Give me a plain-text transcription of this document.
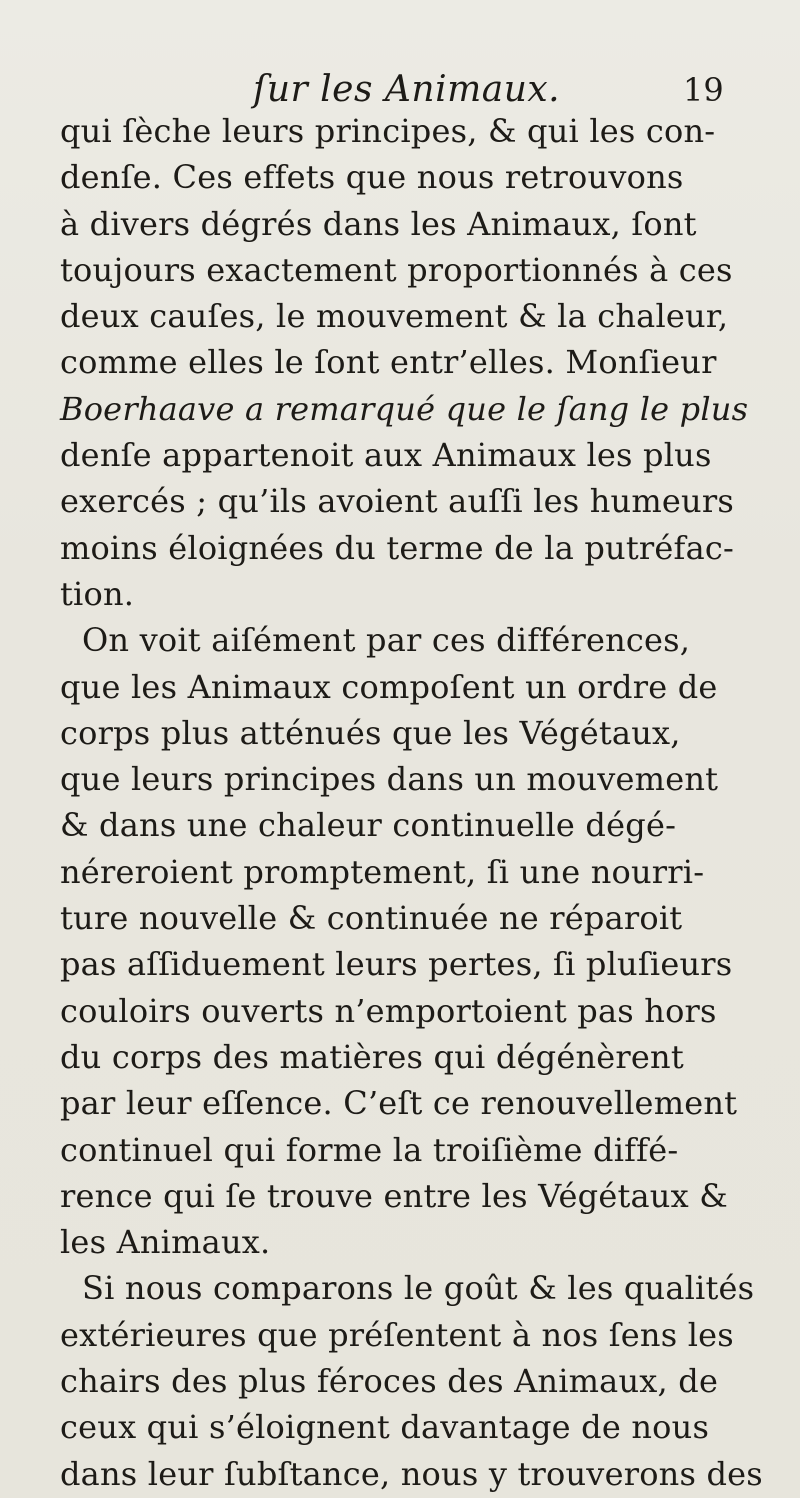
ſur les Animaux.	19
qui ſèche leurs principes, & qui les con-
denſe. Ces effets que nous retrouvons
à divers dégrés dans les Animaux, ſont
toujours exactement proportionnés à ces
deux cauſes, le mouvement & la chaleur,
comme elles le ſont entr’elles. Monſieur
Boerhaave a remarqué que le ſang le plus
denſe appartenoit aux Animaux les plus
exercés ; qu’ils avoient auſſi les humeurs
moins éloignées du terme de la putréfac-
tion.
On voit aiſément par ces différences,
que les Animaux compoſent un ordre de
corps plus atténués que les Végétaux,
que leurs principes dans un mouvement
& dans une chaleur continuelle dégé-
néreroient promptement, ſi une nourri-
ture nouvelle & continuée ne réparoit
pas aſſiduement leurs pertes, ſi pluſieurs
couloirs ouverts n’emportoient pas hors
du corps des matières qui dégénèrent
par leur eſſence. C’eſt ce renouvellement
continuel qui forme la troiſième diffé-
rence qui ſe trouve entre les Végétaux &
les Animaux.
Si nous comparons le goût & les qualités
extérieures que préſentent à nos ſens les
chairs des plus féroces des Animaux, de
ceux qui s’éloignent davantage de nous
dans leur ſubſtance, nous y trouverons des
